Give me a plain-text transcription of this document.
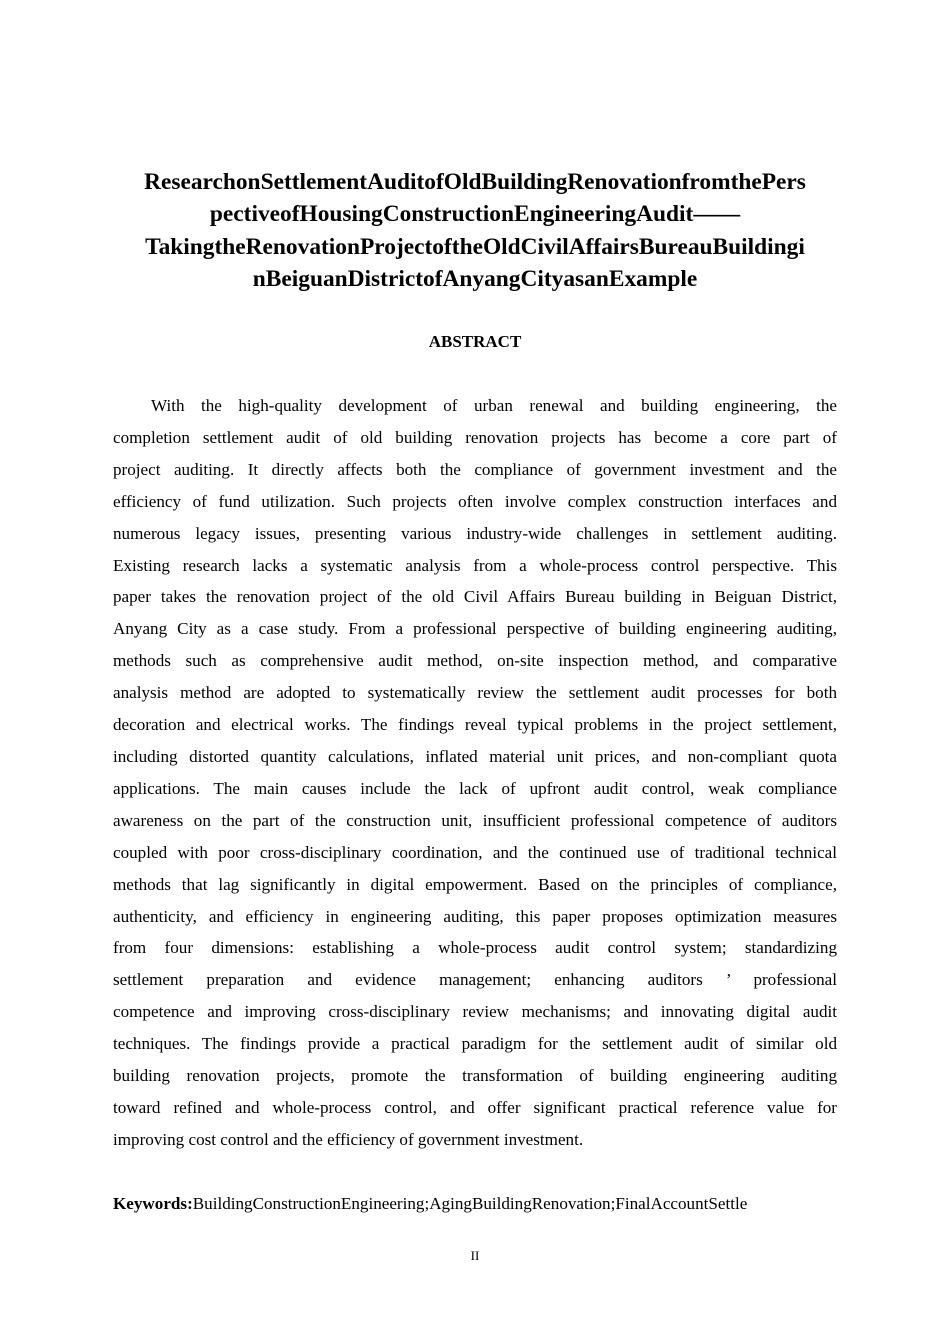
ResearchonSettlementAuditofOldBuildingRenovationfromthePers
pectiveofHousingConstructionEngineeringAudit——
TakingtheRenovationProjectoftheOldCivilAffairsBureauBuildingi
nBeiguanDistrictofAnyangCityasanExample
ABSTRACT

With the high-quality development of urban renewal and building engineering, the
completion settlement audit of old building renovation projects has become a core part of
project auditing. It directly affects both the compliance of government investment and the
efficiency of fund utilization. Such projects often involve complex construction interfaces and
numerous legacy issues, presenting various industry-wide challenges in settlement auditing.
Existing research lacks a systematic analysis from a whole-process control perspective. This
paper takes the renovation project of the old Civil Affairs Bureau building in Beiguan District,
Anyang City as a case study. From a professional perspective of building engineering auditing,
methods such as comprehensive audit method, on-site inspection method, and comparative
analysis method are adopted to systematically review the settlement audit processes for both
decoration and electrical works. The findings reveal typical problems in the project settlement,
including distorted quantity calculations, inflated material unit prices, and non-compliant quota
applications. The main causes include the lack of upfront audit control, weak compliance
awareness on the part of the construction unit, insufficient professional competence of auditors
coupled with poor cross-disciplinary coordination, and the continued use of traditional technical
methods that lag significantly in digital empowerment. Based on the principles of compliance,
authenticity, and efficiency in engineering auditing, this paper proposes optimization measures
from four dimensions: establishing a whole-process audit control system; standardizing
settlement preparation and evidence management; enhancing auditors ’ professional
competence and improving cross-disciplinary review mechanisms; and innovating digital audit
techniques. The findings provide a practical paradigm for the settlement audit of similar old
building renovation projects, promote the transformation of building engineering auditing
toward refined and whole-process control, and offer significant practical reference value for
improving cost control and the efficiency of government investment.

Keywords:BuildingConstructionEngineering;AgingBuildingRenovation;FinalAccountSettle

II
